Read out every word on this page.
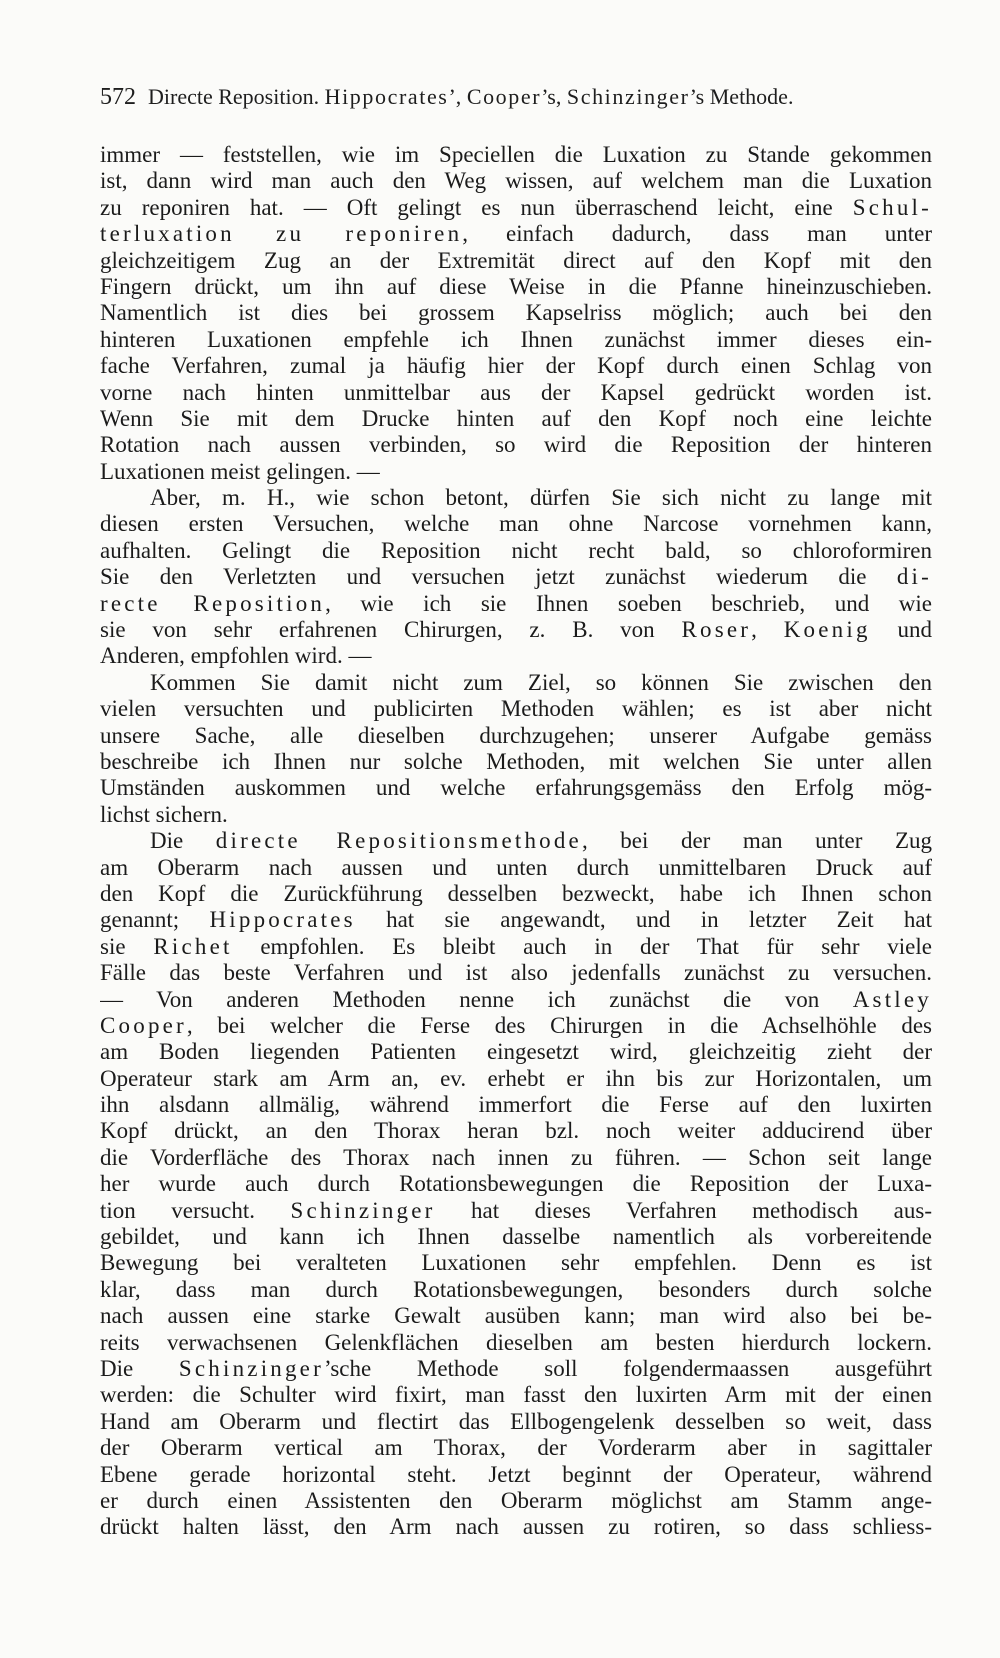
572 Directe Reposition. Hippocrates’, Cooper’s, Schinzinger’s Methode.
immer — feststellen, wie im Speciellen die Luxation zu Stande gekommen
ist, dann wird man auch den Weg wissen, auf welchem man die Luxation
zu reponiren hat. — Oft gelingt es nun überraschend leicht, eine Schul-
terluxation zu reponiren, einfach dadurch, dass man unter
gleichzeitigem Zug an der Extremität direct auf den Kopf mit den
Fingern drückt, um ihn auf diese Weise in die Pfanne hineinzuschieben.
Namentlich ist dies bei grossem Kapselriss möglich; auch bei den
hinteren Luxationen empfehle ich Ihnen zunächst immer dieses ein-
fache Verfahren, zumal ja häufig hier der Kopf durch einen Schlag von
vorne nach hinten unmittelbar aus der Kapsel gedrückt worden ist.
Wenn Sie mit dem Drucke hinten auf den Kopf noch eine leichte
Rotation nach aussen verbinden, so wird die Reposition der hinteren
Luxationen meist gelingen. —
Aber, m. H., wie schon betont, dürfen Sie sich nicht zu lange mit
diesen ersten Versuchen, welche man ohne Narcose vornehmen kann,
aufhalten. Gelingt die Reposition nicht recht bald, so chloroformiren
Sie den Verletzten und versuchen jetzt zunächst wiederum die di-
recte Reposition, wie ich sie Ihnen soeben beschrieb, und wie
sie von sehr erfahrenen Chirurgen, z. B. von Roser, Koenig und
Anderen, empfohlen wird. —
Kommen Sie damit nicht zum Ziel, so können Sie zwischen den
vielen versuchten und publicirten Methoden wählen; es ist aber nicht
unsere Sache, alle dieselben durchzugehen; unserer Aufgabe gemäss
beschreibe ich Ihnen nur solche Methoden, mit welchen Sie unter allen
Umständen auskommen und welche erfahrungsgemäss den Erfolg mög-
lichst sichern.
Die directe Repositionsmethode, bei der man unter Zug
am Oberarm nach aussen und unten durch unmittelbaren Druck auf
den Kopf die Zurückführung desselben bezweckt, habe ich Ihnen schon
genannt; Hippocrates hat sie angewandt, und in letzter Zeit hat
sie Richet empfohlen. Es bleibt auch in der That für sehr viele
Fälle das beste Verfahren und ist also jedenfalls zunächst zu versuchen.
— Von anderen Methoden nenne ich zunächst die von Astley
Cooper, bei welcher die Ferse des Chirurgen in die Achselhöhle des
am Boden liegenden Patienten eingesetzt wird, gleichzeitig zieht der
Operateur stark am Arm an, ev. erhebt er ihn bis zur Horizontalen, um
ihn alsdann allmälig, während immerfort die Ferse auf den luxirten
Kopf drückt, an den Thorax heran bzl. noch weiter adducirend über
die Vorderfläche des Thorax nach innen zu führen. — Schon seit lange
her wurde auch durch Rotationsbewegungen die Reposition der Luxa-
tion versucht. Schinzinger hat dieses Verfahren methodisch aus-
gebildet, und kann ich Ihnen dasselbe namentlich als vorbereitende
Bewegung bei veralteten Luxationen sehr empfehlen. Denn es ist
klar, dass man durch Rotationsbewegungen, besonders durch solche
nach aussen eine starke Gewalt ausüben kann; man wird also bei be-
reits verwachsenen Gelenkflächen dieselben am besten hierdurch lockern.
Die Schinzinger’sche Methode soll folgendermaassen ausgeführt
werden: die Schulter wird fixirt, man fasst den luxirten Arm mit der einen
Hand am Oberarm und flectirt das Ellbogengelenk desselben so weit, dass
der Oberarm vertical am Thorax, der Vorderarm aber in sagittaler
Ebene gerade horizontal steht. Jetzt beginnt der Operateur, während
er durch einen Assistenten den Oberarm möglichst am Stamm ange-
drückt halten lässt, den Arm nach aussen zu rotiren, so dass schliess-
